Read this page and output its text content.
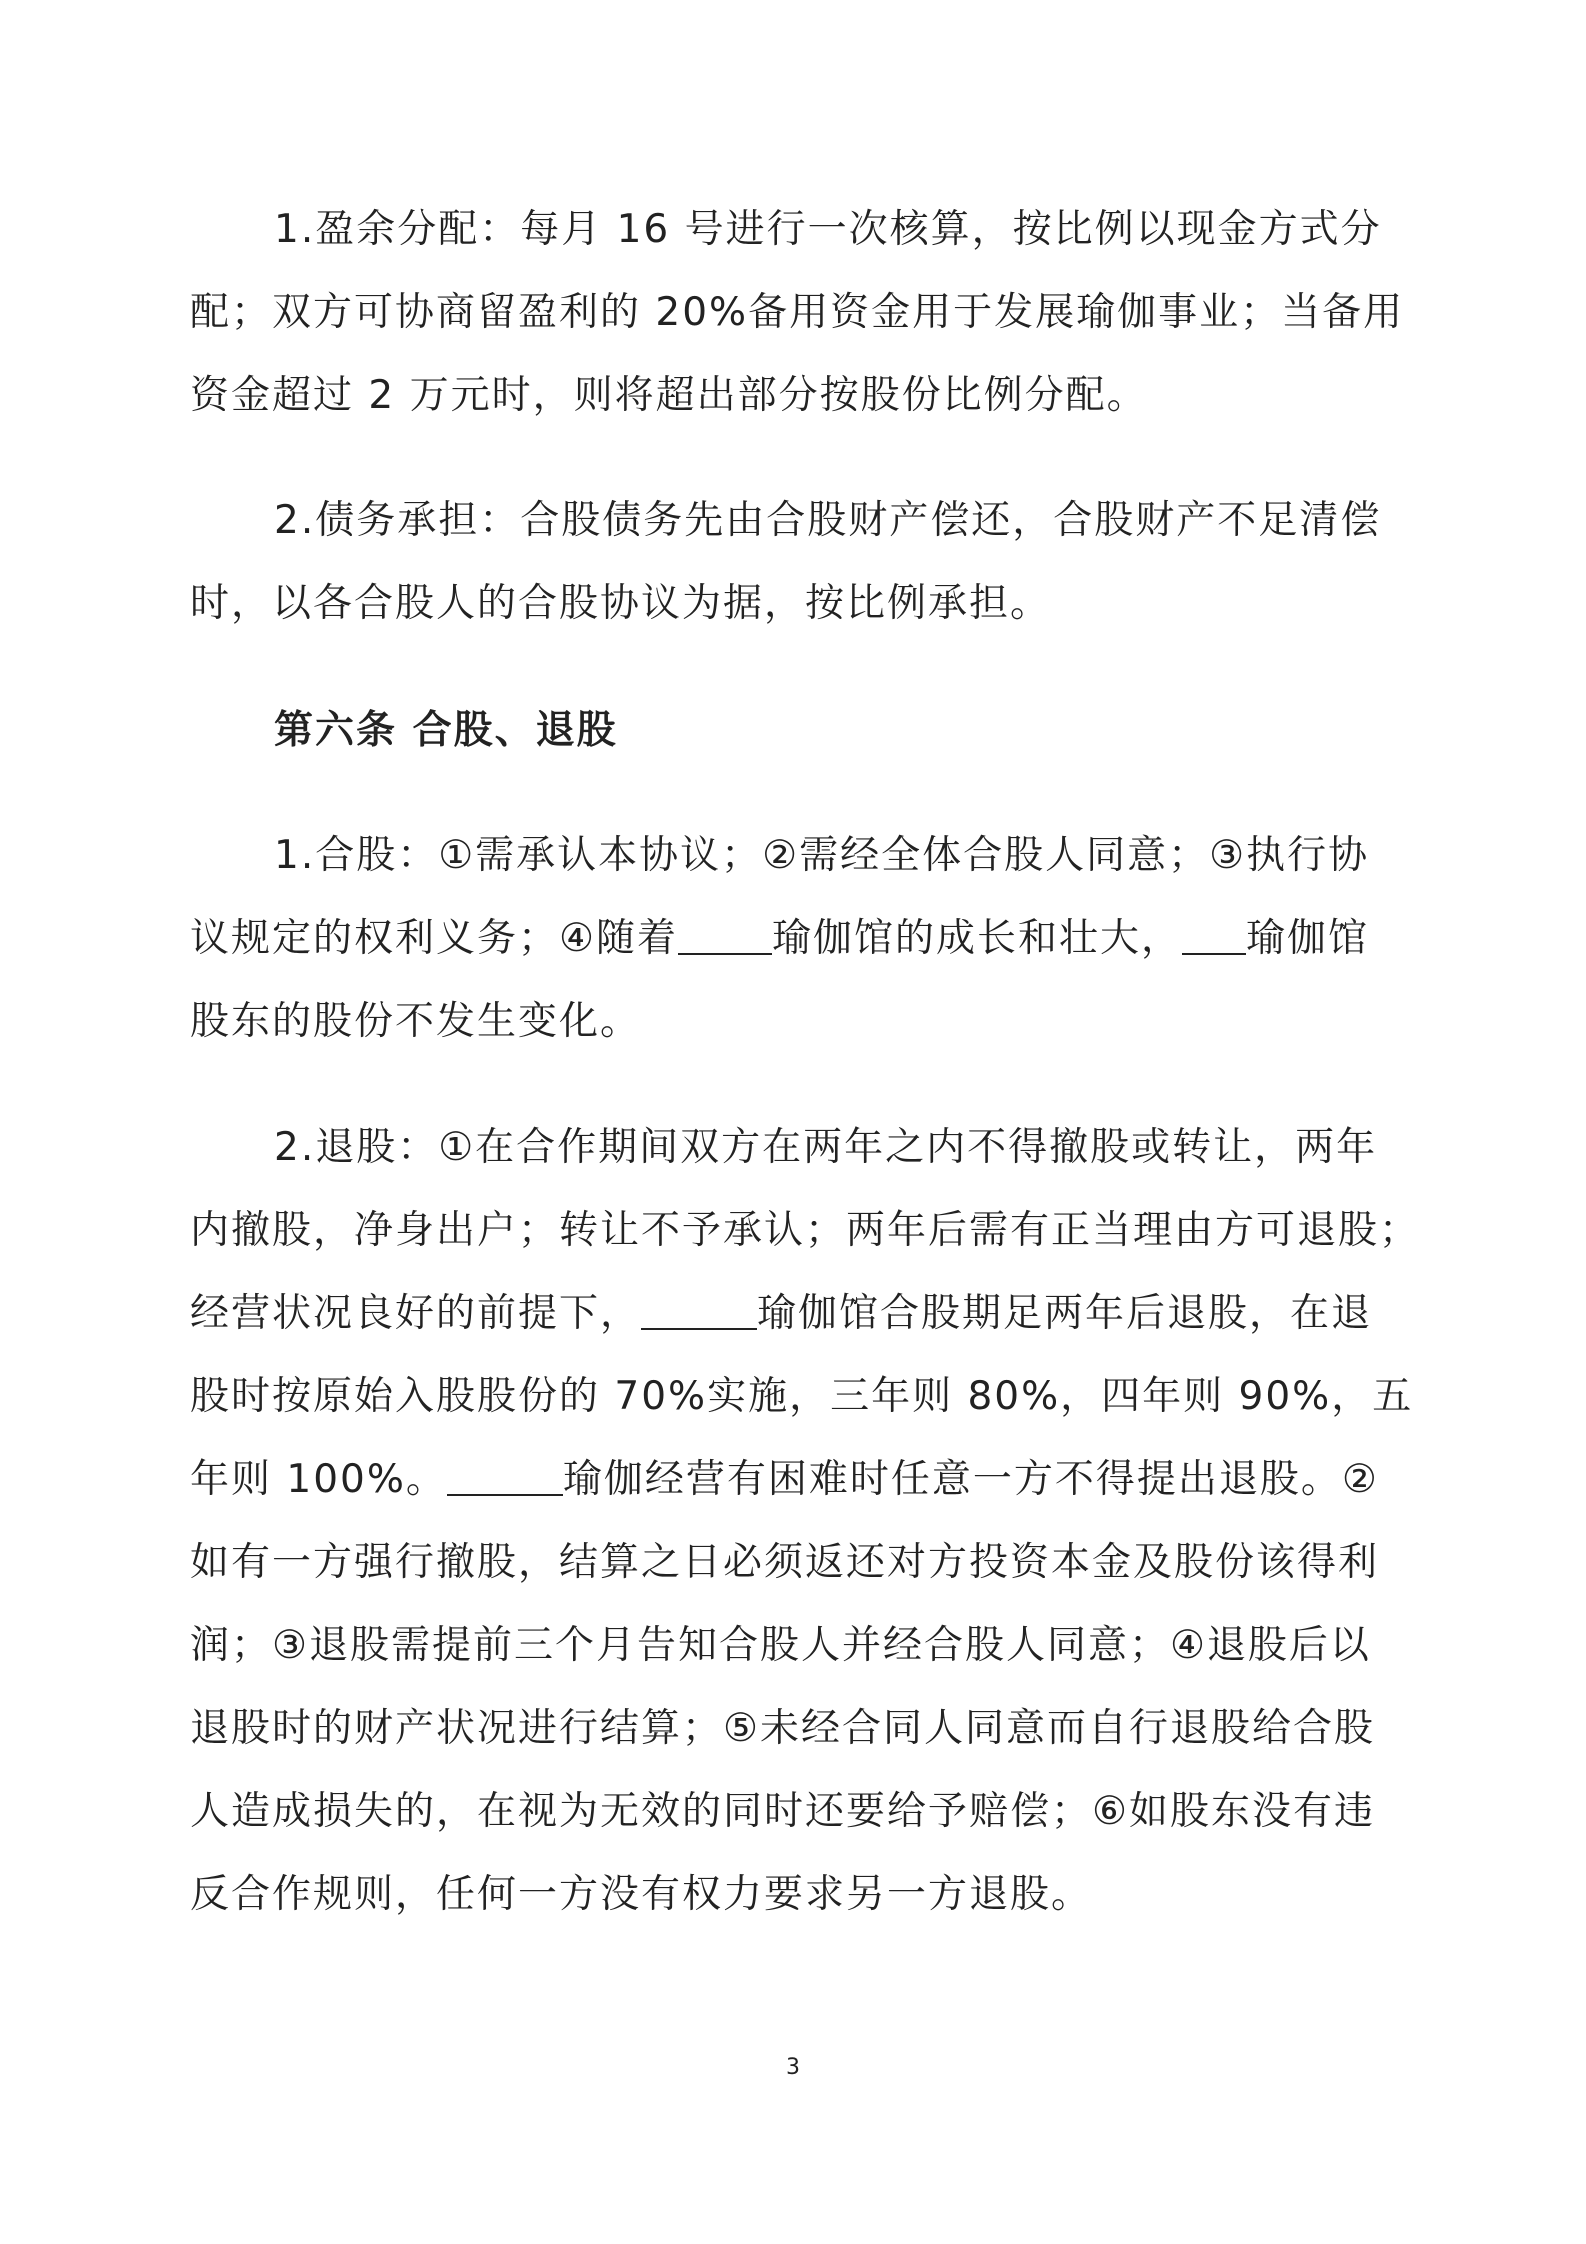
1.盈余分配：每月 16 号进行一次核算，按比例以现金方式分
配；双方可协商留盈利的 20%备用资金用于发展瑜伽事业；当备用
资金超过 2 万元时，则将超出部分按股份比例分配。
2.债务承担：合股债务先由合股财产偿还，合股财产不足清偿
时，以各合股人的合股协议为据，按比例承担。
第六条 合股、退股
1.合股：①需承认本协议；②需经全体合股人同意；③执行协
议规定的权利义务；④随着 瑜伽馆的成长和壮大， 瑜伽馆
股东的股份不发生变化。
2.退股：①在合作期间双方在两年之内不得撤股或转让，两年
内撤股，净身出户；转让不予承认；两年后需有正当理由方可退股；
经营状况良好的前提下，	瑜伽馆合股期足两年后退股，在退
股时按原始入股股份的 70%实施，三年则 80%，四年则 90%，五
年则 100%。	瑜伽经营有困难时任意一方不得提出退股。②
如有一方强行撤股，结算之日必须返还对方投资本金及股份该得利
润；③退股需提前三个月告知合股人并经合股人同意；④退股后以
退股时的财产状况进行结算；⑤未经合同人同意而自行退股给合股
人造成损失的，在视为无效的同时还要给予赔偿；⑥如股东没有违
反合作规则，任何一方没有权力要求另一方退股。
3
